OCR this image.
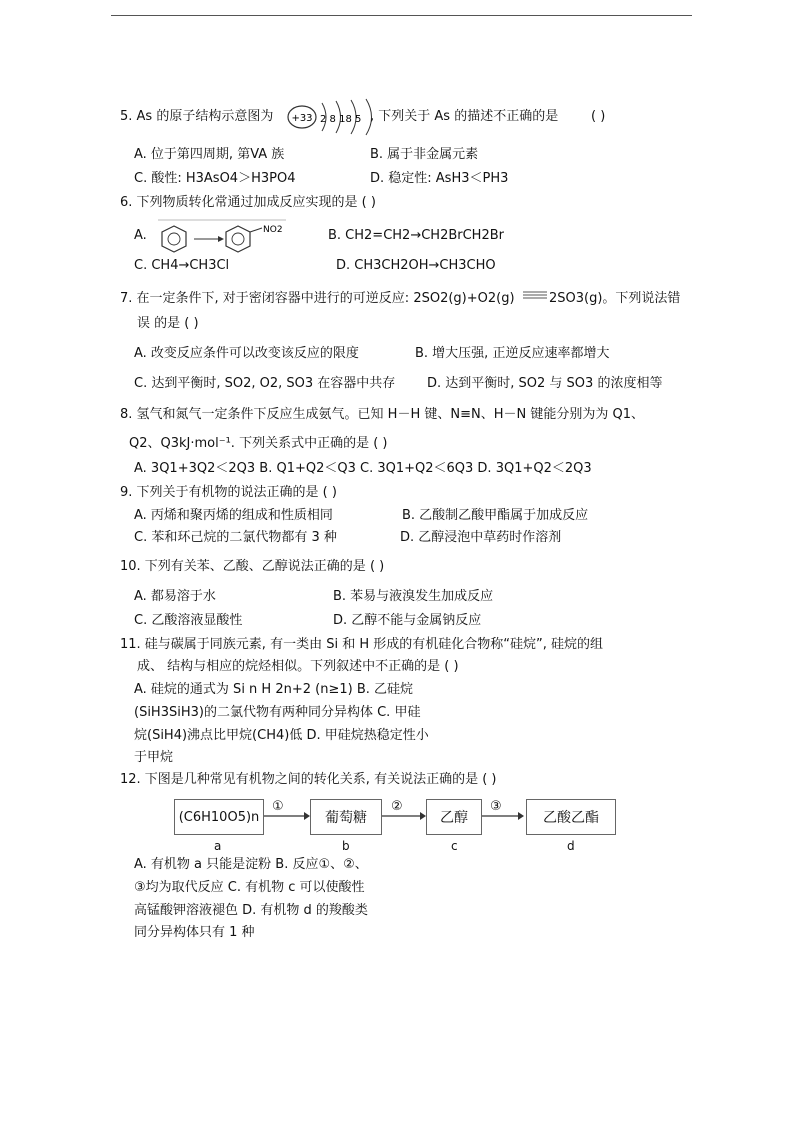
5. As 的原子结构示意图为 +33 2 8 18 5 , 下列关于 As 的描述不正确的是	( )
A. 位于第四周期, 第VA 族	B. 属于非金属元素
C. 酸性: H3AsO4＞H3PO4	D. 稳定性: AsH3＜PH3
6. 下列物质转化常通过加成反应实现的是 ( )
A.	NO2	B. CH2=CH2→CH2BrCH2Br
C. CH4→CH3Cl	D. CH3CH2OH→CH3CHO
7. 在一定条件下, 对于密闭容器中进行的可逆反应: 2SO2(g)+O2(g)	2SO3(g)。下列说法错
误 的是 ( )
A. 改变反应条件可以改变该反应的限度	B. 增大压强, 正逆反应速率都增大
C. 达到平衡时, SO2, O2, SO3 在容器中共存 D. 达到平衡时, SO2 与 SO3 的浓度相等
8. 氢气和氮气一定条件下反应生成氨气。已知 H－H 键、N≡N、H－N 键能分别为为 Q1、
Q2、Q3kJ·mol⁻¹. 下列关系式中正确的是 ( )
A. 3Q1+3Q2＜2Q3 B. Q1+Q2＜Q3 C. 3Q1+Q2＜6Q3 D. 3Q1+Q2＜2Q3
9. 下列关于有机物的说法正确的是 ( )
A. 丙烯和聚丙烯的组成和性质相同	B. 乙酸制乙酸甲酯属于加成反应
C. 苯和环己烷的二氯代物都有 3 种	D. 乙醇浸泡中草药时作溶剂
10. 下列有关苯、乙酸、乙醇说法正确的是 ( )
A. 都易溶于水	B. 苯易与液溴发生加成反应
C. 乙酸溶液显酸性	D. 乙醇不能与金属钠反应
11. 硅与碳属于同族元素, 有一类由 Si 和 H 形成的有机硅化合物称“硅烷”, 硅烷的组
成、 结构与相应的烷烃相似。下列叙述中不正确的是 ( )
A. 硅烷的通式为 Si n H 2n+2 (n≥1) B. 乙硅烷
(SiH3SiH3)的二氯代物有两种同分异构体 C. 甲硅
烷(SiH4)沸点比甲烷(CH4)低 D. 甲硅烷热稳定性小
于甲烷
12. 下图是几种常见有机物之间的转化关系, 有关说法正确的是 ( )
(C6H10O5)n	葡萄糖	乙醇	乙酸乙酯
①	②	③
a	b	c	d
A. 有机物 a 只能是淀粉 B. 反应①、②、
③均为取代反应 C. 有机物 c 可以使酸性
高锰酸钾溶液褪色 D. 有机物 d 的羧酸类
同分异构体只有 1 种
